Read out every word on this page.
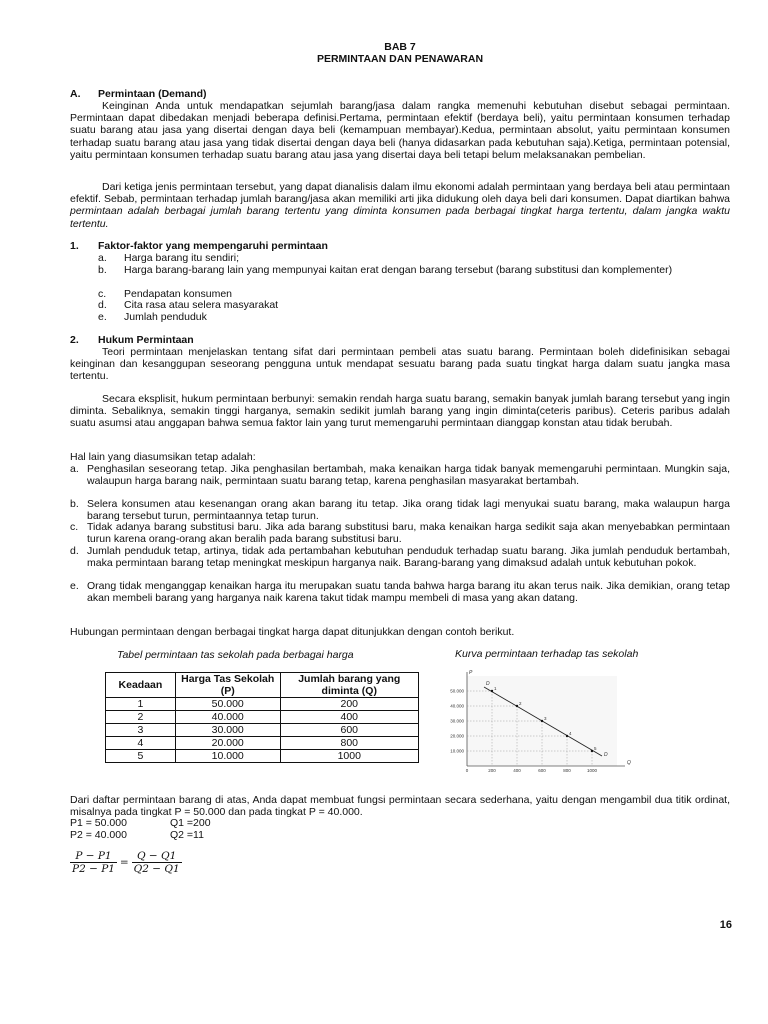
BAB 7
PERMINTAAN DAN PENAWARAN
A. Permintaan (Demand)
Keinginan Anda untuk mendapatkan sejumlah barang/jasa dalam rangka memenuhi kebutuhan disebut sebagai permintaan. Permintaan dapat dibedakan menjadi beberapa definisi.Pertama, permintaan efektif (berdaya beli), yaitu permintaan konsumen terhadap suatu barang atau jasa yang disertai dengan daya beli (kemampuan membayar).Kedua, permintaan absolut, yaitu permintaan konsumen terhadap suatu barang atau jasa yang tidak disertai dengan daya beli (hanya didasarkan pada kebutuhan saja).Ketiga, permintaan potensial, yaitu permintaan konsumen terhadap suatu barang atau jasa yang disertai daya beli tetapi belum melaksanakan pembelian.
Dari ketiga jenis permintaan tersebut, yang dapat dianalisis dalam ilmu ekonomi adalah permintaan yang berdaya beli atau permintaan efektif. Sebab, permintaan terhadap jumlah barang/jasa akan memiliki arti jika didukung oleh daya beli dari konsumen. Dapat diartikan bahwa permintaan adalah berbagai jumlah barang tertentu yang diminta konsumen pada berbagai tingkat harga tertentu, dalam jangka waktu tertentu.
1. Faktor-faktor yang mempengaruhi permintaan
a. Harga barang itu sendiri;
b. Harga barang-barang lain yang mempunyai kaitan erat dengan barang tersebut (barang substitusi dan komplementer)
c. Pendapatan konsumen
d. Cita rasa atau selera masyarakat
e. Jumlah penduduk
2. Hukum Permintaan
Teori permintaan menjelaskan tentang sifat dari permintaan pembeli atas suatu barang. Permintaan boleh didefinisikan sebagai keinginan dan kesanggupan seseorang pengguna untuk mendapat sesuatu barang pada suatu tingkat harga dalam suatu jangka masa tertentu.
Secara eksplisit, hukum permintaan berbunyi: semakin rendah harga suatu barang, semakin banyak jumlah barang tersebut yang ingin diminta. Sebaliknya, semakin tinggi harganya, semakin sedikit jumlah barang yang ingin diminta(ceteris paribus). Ceteris paribus adalah suatu asumsi atau anggapan bahwa semua faktor lain yang turut memengaruhi permintaan dianggap konstan atau tidak berubah.
Hal lain yang diasumsikan tetap adalah:
a. Penghasilan seseorang tetap. Jika penghasilan bertambah, maka kenaikan harga tidak banyak memengaruhi permintaan. Mungkin saja, walaupun harga barang naik, permintaan suatu barang tetap, karena penghasilan masyarakat bertambah.
b. Selera konsumen atau kesenangan orang akan barang itu tetap. Jika orang tidak lagi menyukai suatu barang, maka walaupun harga barang tersebut turun, permintaannya tetap turun.
c. Tidak adanya barang substitusi baru. Jika ada barang substitusi baru, maka kenaikan harga sedikit saja akan menyebabkan permintaan turun karena orang-orang akan beralih pada barang substitusi baru.
d. Jumlah penduduk tetap, artinya, tidak ada pertambahan kebutuhan penduduk terhadap suatu barang. Jika jumlah penduduk bertambah, maka permintaan barang tetap meningkat meskipun harganya naik. Barang-barang yang dimaksud adalah untuk kebutuhan pokok.
e. Orang tidak menganggap kenaikan harga itu merupakan suatu tanda bahwa harga barang itu akan terus naik. Jika demikian, orang tetap akan membeli barang yang harganya naik karena takut tidak mampu membeli di masa yang akan datang.
Hubungan permintaan dengan berbagai tingkat harga dapat ditunjukkan dengan contoh berikut.
Tabel permintaan tas sekolah pada berbagai harga
Keadaan	Harga Tas Sekolah (P)	Jumlah barang yang diminta (Q)
1	50.000	200
2	40.000	400
3	30.000	600
4	20.000	800
5	10.000	1000
Kurva permintaan terhadap tas sekolah
Q
P
10.000
20.000
30.000
40.000
50.000
0	200	400	600	800	1000
D
D
1
2
3
4
5
Dari daftar permintaan barang di atas, Anda dapat membuat fungsi permintaan secara sederhana, yaitu dengan mengambil dua titik ordinat, misalnya pada tingkat P = 50.000 dan pada tingkat P = 40.000.
P1 = 50.000	Q1 =200
P2 = 40.000	Q2 =11
$\frac{P - P1}{P2 - P1} = \frac{Q - Q1}{Q2 - Q1}$
16
